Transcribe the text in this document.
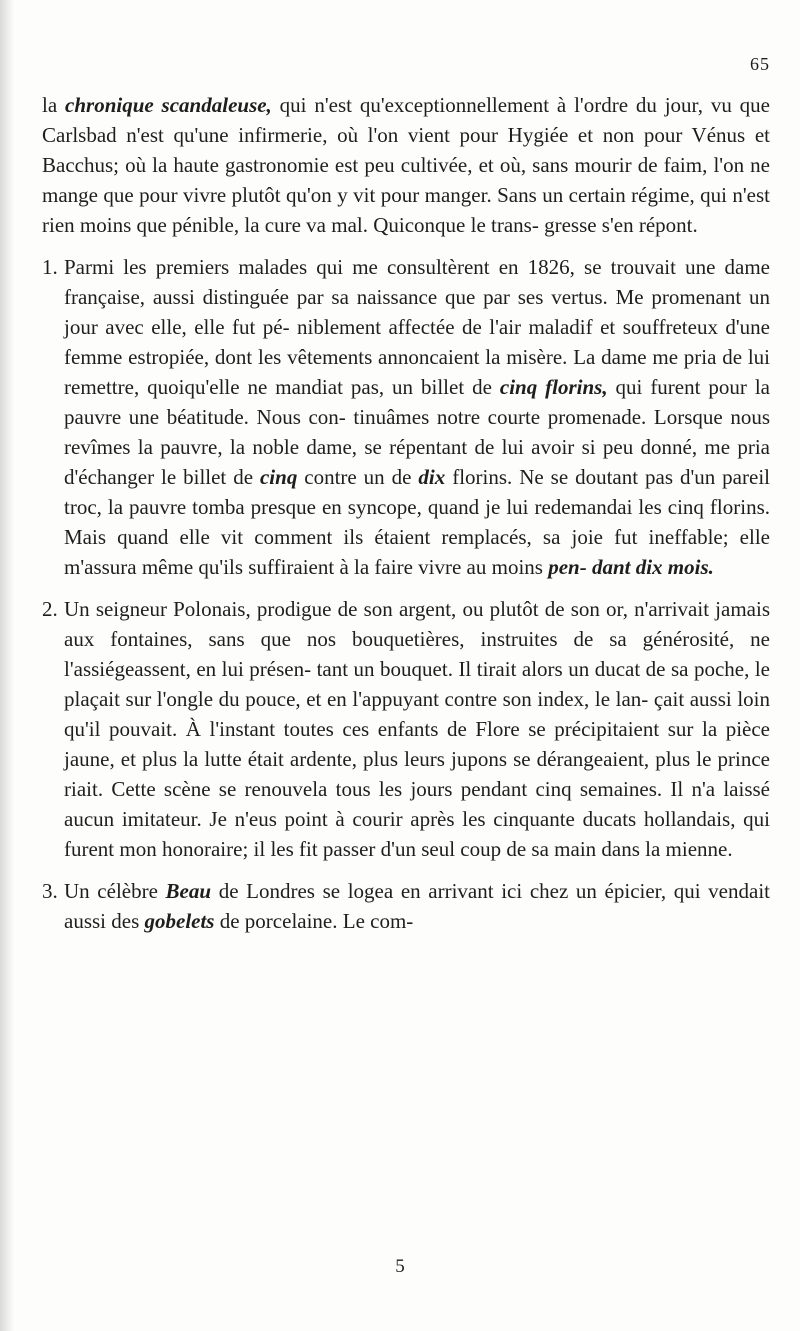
65

la chronique scandaleuse, qui n'est qu'exceptionnellement à l'ordre du jour, vu que Carlsbad n'est qu'une infirmerie, où l'on vient pour Hygiée et non pour Vénus et Bacchus; où la haute gastronomie est peu cultivée, et où, sans mourir de faim, l'on ne mange que pour vivre plutôt qu'on y vit pour manger. Sans un certain régime, qui n'est rien moins que pénible, la cure va mal. Quiconque le trans- gresse s'en répont.

1. Parmi les premiers malades qui me consultèrent en 1826, se trouvait une dame française, aussi distinguée par sa naissance que par ses vertus. Me promenant un jour avec elle, elle fut pé- niblement affectée de l'air maladif et souffreteux d'une femme estropiée, dont les vêtements annoncaient la misère. La dame me pria de lui remettre, quoiqu'elle ne mandiat pas, un billet de cinq florins, qui furent pour la pauvre une béatitude. Nous con- tinuâmes notre courte promenade. Lorsque nous revîmes la pauvre, la noble dame, se répentant de lui avoir si peu donné, me pria d'échanger le billet de cinq contre un de dix florins. Ne se doutant pas d'un pareil troc, la pauvre tomba presque en syncope, quand je lui redemandai les cinq florins. Mais quand elle vit comment ils étaient remplacés, sa joie fut ineffable; elle m'assura même qu'ils suffiraient à la faire vivre au moins pen- dant dix mois.

2. Un seigneur Polonais, prodigue de son argent, ou plutôt de son or, n'arrivait jamais aux fontaines, sans que nos bouquetières, instruites de sa générosité, ne l'assiégeassent, en lui présen- tant un bouquet. Il tirait alors un ducat de sa poche, le plaçait sur l'ongle du pouce, et en l'appuyant contre son index, le lan- çait aussi loin qu'il pouvait. À l'instant toutes ces enfants de Flore se précipitaient sur la pièce jaune, et plus la lutte était ardente, plus leurs jupons se dérangeaient, plus le prince riait. Cette scène se renouvela tous les jours pendant cinq semaines. Il n'a laissé aucun imitateur. Je n'eus point à courir après les cinquante ducats hollandais, qui furent mon honoraire; il les fit passer d'un seul coup de sa main dans la mienne.

3. Un célèbre Beau de Londres se logea en arrivant ici chez un épicier, qui vendait aussi des gobelets de porcelaine. Le com-

5
